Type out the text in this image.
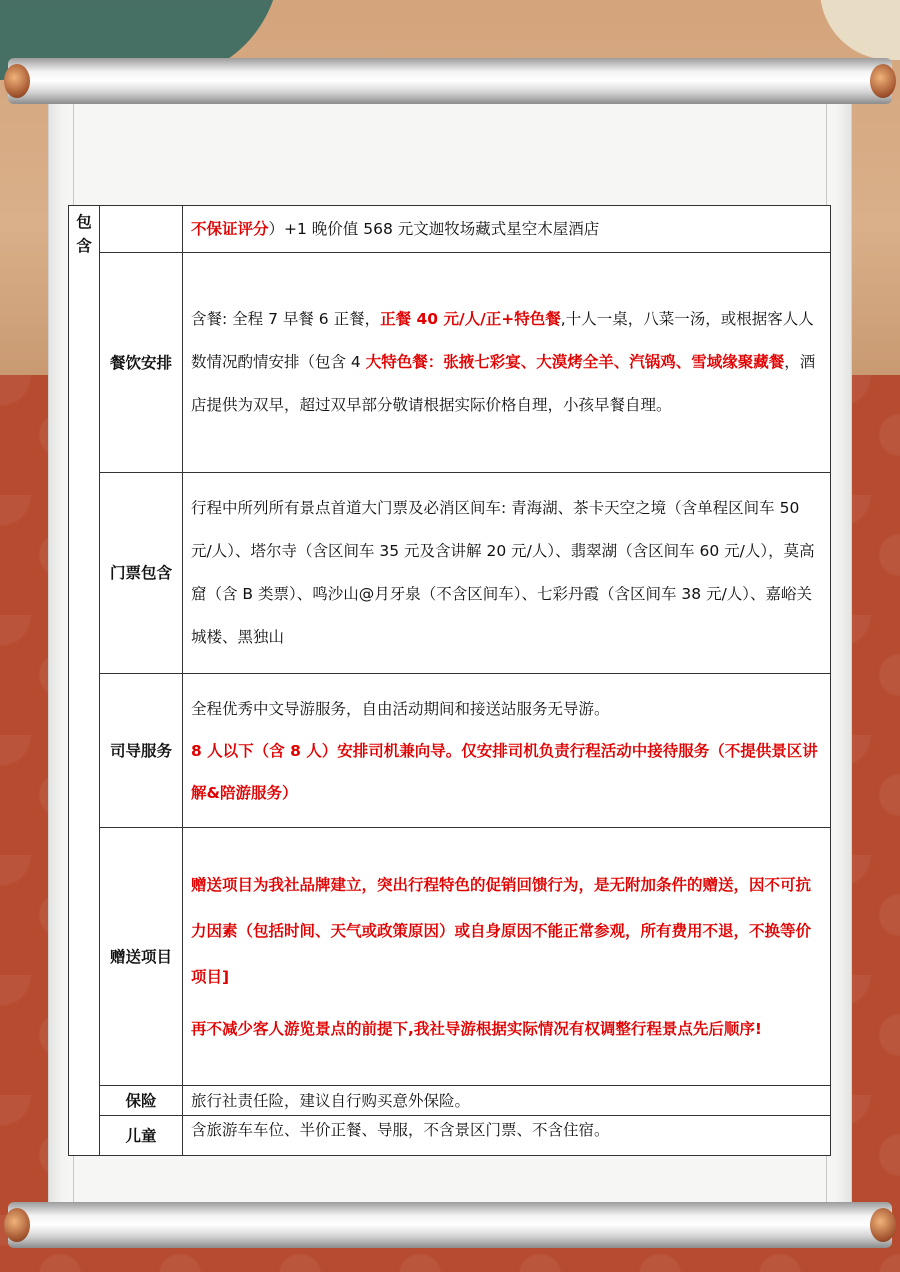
包含		不保证评分）+1 晚价值 568 元文迦牧场藏式星空木屋酒店
	餐饮安排	含餐: 全程 7 早餐 6 正餐，正餐 40 元/人/正+特色餐,十人一桌，八菜一汤，或根据客人人数情况酌情安排（包含 4 大特色餐：张掖七彩宴、大漠烤全羊、汽锅鸡、雪域缘聚藏餐，酒店提供为双早，超过双早部分敬请根据实际价格自理，小孩早餐自理。
	门票包含	行程中所列所有景点首道大门票及必消区间车: 青海湖、茶卡天空之境（含单程区间车 50 元/人）、塔尔寺（含区间车 35 元及含讲解 20 元/人）、翡翠湖（含区间车 60 元/人），莫高窟（含 B 类票）、鸣沙山@月牙泉（不含区间车）、七彩丹霞（含区间车 38 元/人）、嘉峪关城楼、黑独山
	司导服务	全程优秀中文导游服务，自由活动期间和接送站服务无导游。
8 人以下（含 8 人）安排司机兼向导。仅安排司机负责行程活动中接待服务（不提供景区讲解&陪游服务）

	赠送项目	赠送项目为我社品牌建立，突出行程特色的促销回馈行为，是无附加条件的赠送，因不可抗力因素（包括时间、天气或政策原因）或自身原因不能正常参观，所有费用不退，不换等价项目]
再不减少客人游览景点的前提下,我社导游根据实际情况有权调整行程景点先后顺序!

	保险	旅行社责任险，建议自行购买意外保险。
	儿童	含旅游车车位、半价正餐、导服，不含景区门票、不含住宿。
